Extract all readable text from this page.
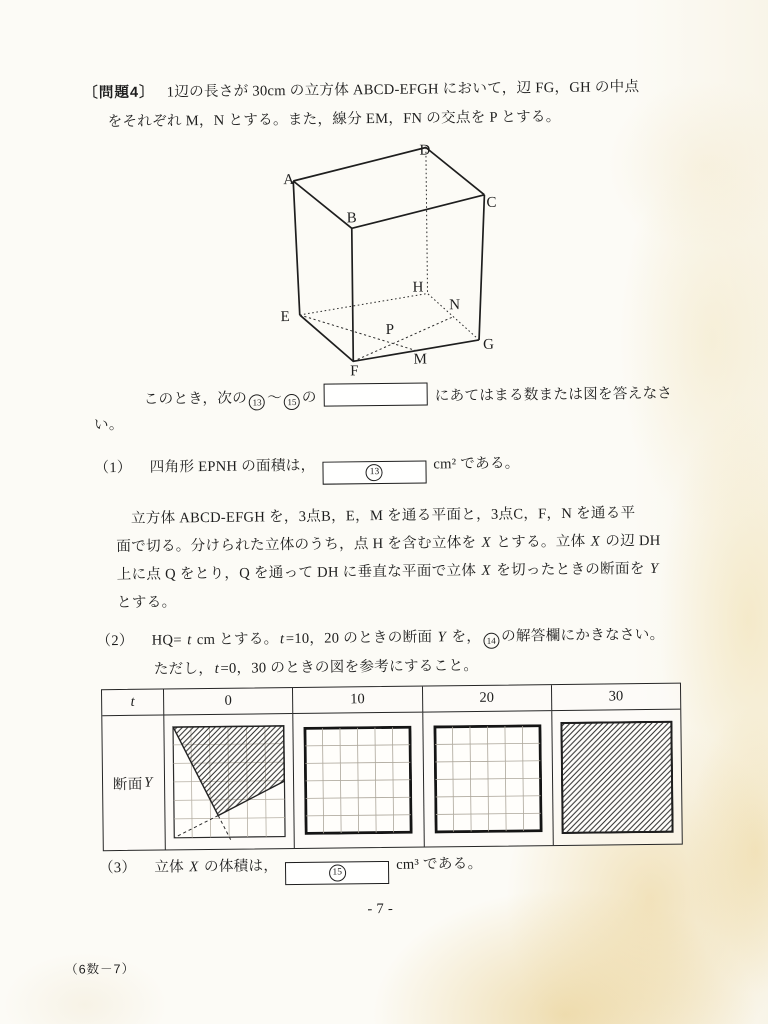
〔問題4〕 1辺の長さが 30cm の立方体 ABCD-EFGH において，辺 FG，GH の中点
をそれぞれ M，N とする。また，線分 EM，FN の交点を P とする。
A
B
C
D
E
F
G
H
M
N
P
このとき，次の 13 ～ 15 の	にあてはまる数または図を答えなさ
い。
（1） 四角形 EPNH の面積は，	13	cm² である。
　立方体 ABCD-EFGH を，3点B，E，M を通る平面と，3点C，F，N を通る平
面で切る。分けられた立体のうち，点 H を含む立体を X とする。立体 X の辺 DH
上に点 Q をとり，Q を通って DH に垂直な平面で立体 X を切ったときの断面を Y
とする。
（2） HQ= t cm とする。t=10，20 のときの断面 Y を， 14 の解答欄にかきなさい。
ただし，t=0，30 のときの図を参考にすること。
t	0	10	20	30
断面 Y
（3） 立体 X の体積は，	15	cm³ である。
- 7 -
（6数－7）
